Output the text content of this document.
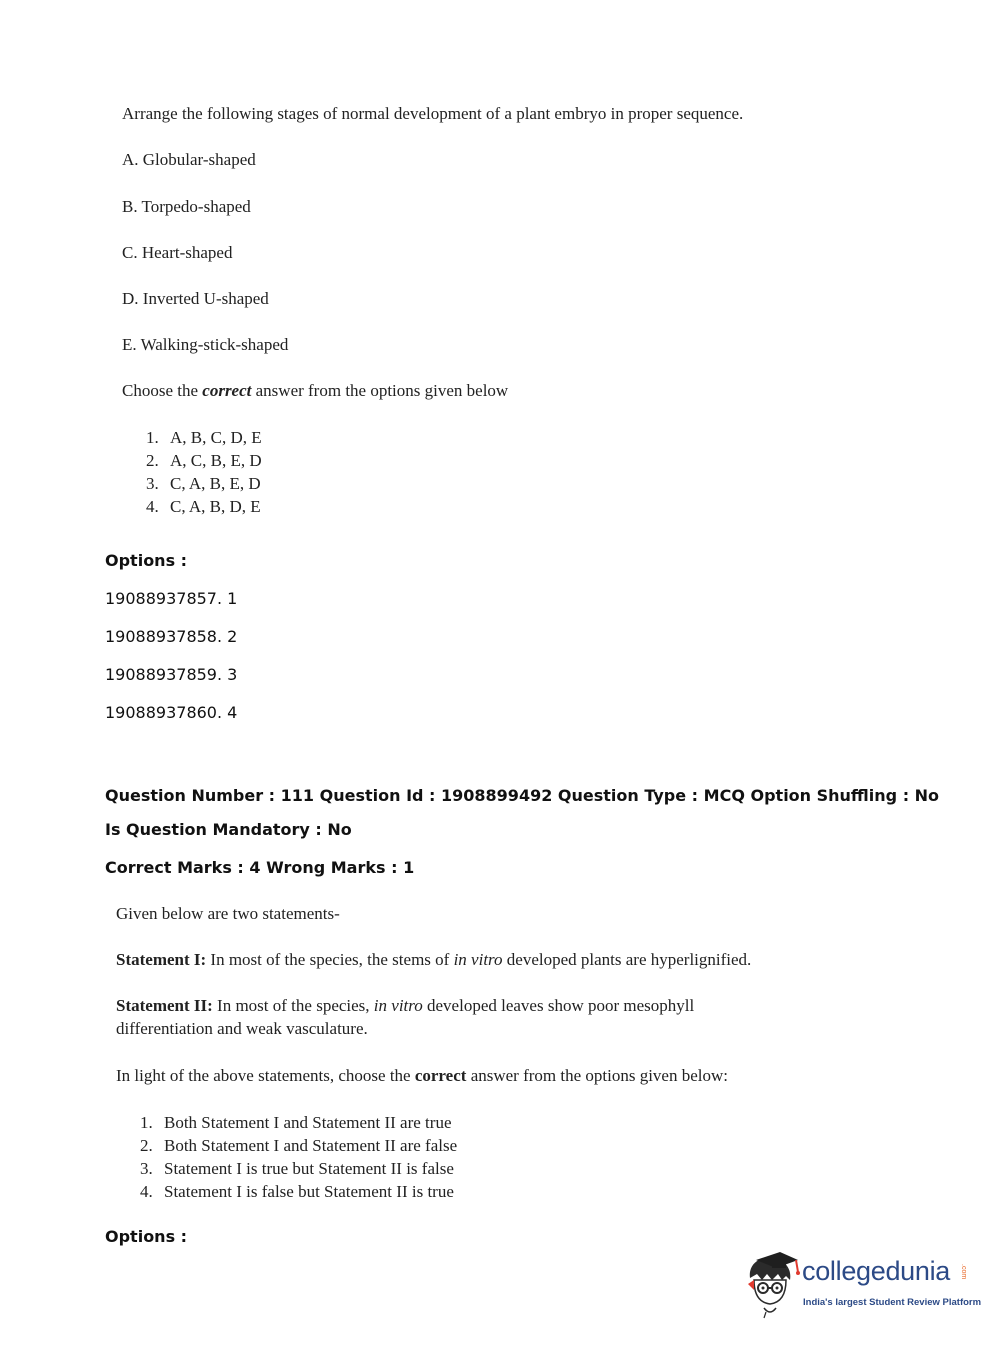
Arrange the following stages of normal development of a plant embryo in proper sequence.
A. Globular-shaped
B. Torpedo-shaped
C. Heart-shaped
D. Inverted U-shaped
E. Walking-stick-shaped
Choose the correct answer from the options given below
1. A, B, C, D, E
2. A, C, B, E, D
3. C, A, B, E, D
4. C, A, B, D, E
Options :
19088937857. 1
19088937858. 2
19088937859. 3
19088937860. 4
Question Number : 111 Question Id : 1908899492 Question Type : MCQ Option Shuffling : No
Is Question Mandatory : No
Correct Marks : 4 Wrong Marks : 1
Given below are two statements-
Statement I: In most of the species, the stems of in vitro developed plants are hyperlignified.
Statement II: In most of the species, in vitro developed leaves show poor mesophyll
differentiation and weak vasculature.
In light of the above statements, choose the correct answer from the options given below:
1. Both Statement I and Statement II are true
2. Both Statement I and Statement II are false
3. Statement I is true but Statement II is false
4. Statement I is false but Statement II is true
Options :
collegedunia .com
India's largest Student Review Platform
